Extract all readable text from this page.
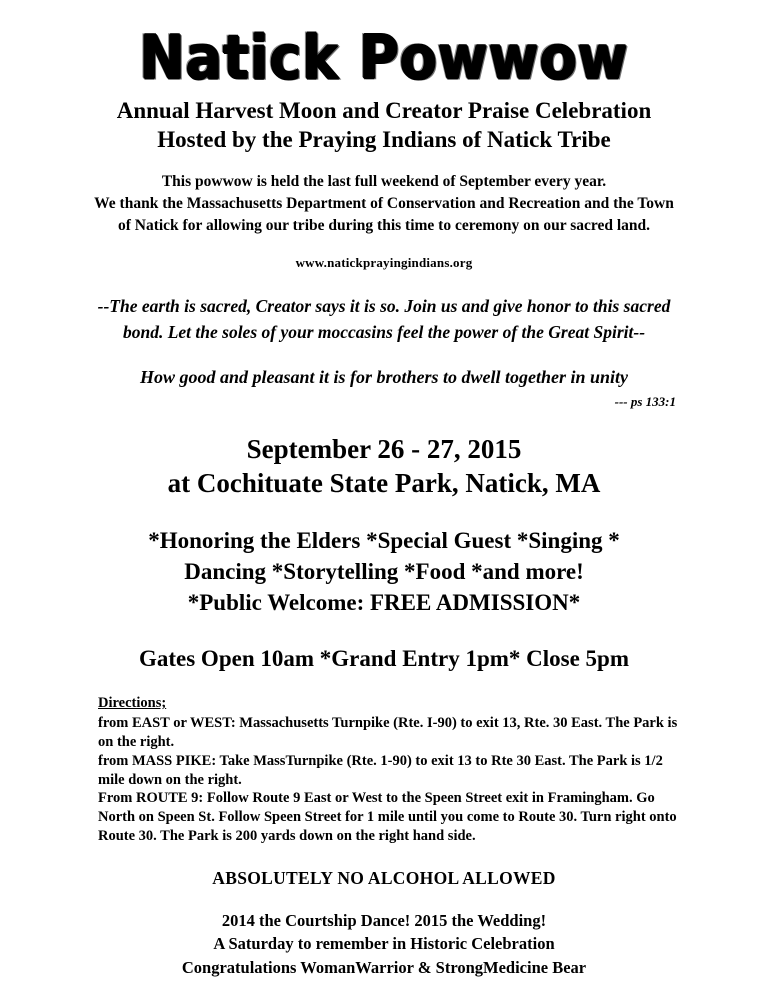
Natick Powwow
Annual Harvest Moon and Creator Praise Celebration
Hosted by the Praying Indians of Natick Tribe
This powwow is held the last full weekend of September every year.
We thank the Massachusetts Department of Conservation and Recreation and the Town
of Natick for allowing our tribe during this time to ceremony on our sacred land.
www.natickprayingindians.org
--The earth is sacred, Creator says it is so. Join us and give honor to this sacred
bond. Let the soles of your moccasins feel the power of the Great Spirit--
How good and pleasant it is for brothers to dwell together in unity
--- ps 133:1
September 26 - 27, 2015
at Cochituate State Park, Natick, MA
*Honoring the Elders *Special Guest *Singing *
Dancing *Storytelling *Food *and more!
*Public Welcome: FREE ADMISSION*
Gates Open 10am *Grand Entry 1pm* Close 5pm
Directions;

from EAST or WEST: Massachusetts Turnpike (Rte. I-90) to exit 13, Rte. 30 East. The Park is on the right.

from MASS PIKE: Take MassTurnpike (Rte. 1-90) to exit 13 to Rte 30 East. The Park is 1/2 mile down on the right.

From ROUTE 9: Follow Route 9 East or West to the Speen Street exit in Framingham. Go North on Speen St. Follow Speen Street for 1 mile until you come to Route 30. Turn right onto Route 30. The Park is 200 yards down on the right hand side.

ABSOLUTELY NO ALCOHOL ALLOWED
2014 the Courtship Dance! 2015 the Wedding!
A Saturday to remember in Historic Celebration
Congratulations WomanWarrior & StrongMedicine Bear
